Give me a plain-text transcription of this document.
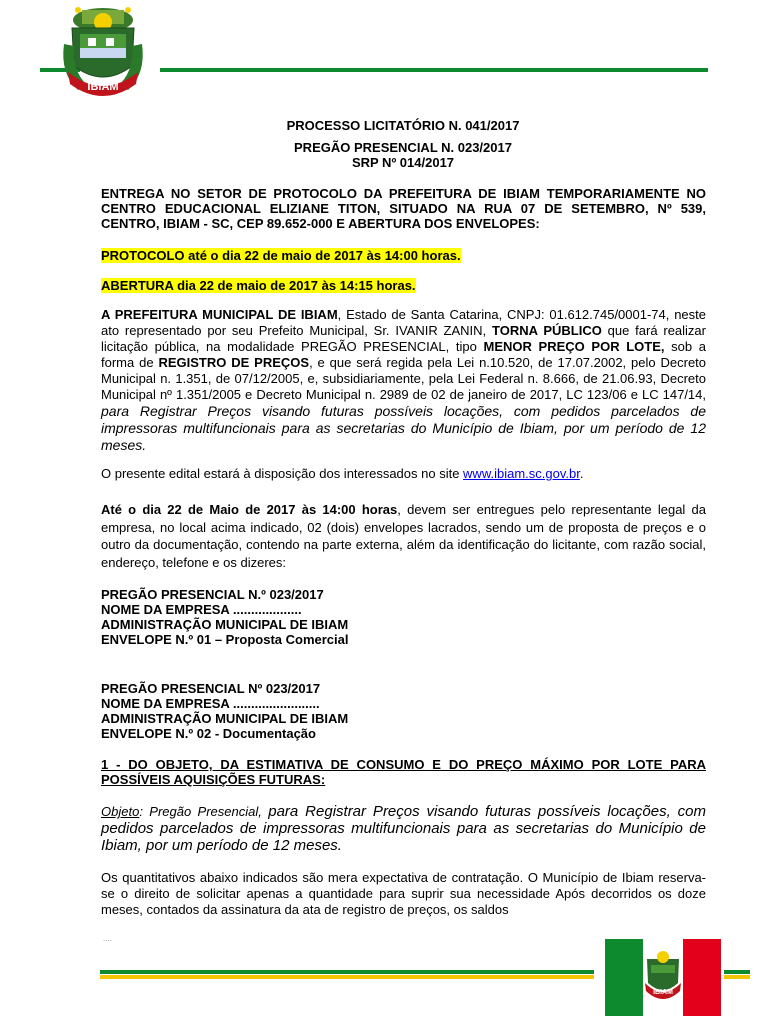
IBIAM
PROCESSO LICITATÓRIO N. 041/2017
PREGÃO PRESENCIAL N. 023/2017
SRP Nº 014/2017
ENTREGA NO SETOR DE PROTOCOLO DA PREFEITURA DE IBIAM TEMPORARIAMENTE NO CENTRO EDUCACIONAL ELIZIANE TITON, SITUADO NA RUA 07 DE SETEMBRO, Nº 539, CENTRO, IBIAM - SC, CEP 89.652-000 E ABERTURA DOS ENVELOPES:
PROTOCOLO até o dia 22 de maio de 2017 às 14:00 horas.
ABERTURA dia 22 de maio de 2017 às 14:15 horas.
A PREFEITURA MUNICIPAL DE IBIAM, Estado de Santa Catarina, CNPJ: 01.612.745/0001-74, neste ato representado por seu Prefeito Municipal, Sr. IVANIR ZANIN, TORNA PÚBLICO que fará realizar licitação pública, na modalidade PREGÃO PRESENCIAL, tipo MENOR PREÇO POR LOTE, sob a forma de REGISTRO DE PREÇOS, e que será regida pela Lei n.10.520, de 17.07.2002, pelo Decreto Municipal n. 1.351, de 07/12/2005, e, subsidiariamente, pela Lei Federal n. 8.666, de 21.06.93, Decreto Municipal nº 1.351/2005 e Decreto Municipal n. 2989 de 02 de janeiro de 2017, LC 123/06 e LC 147/14, para Registrar Preços visando futuras possíveis locações, com pedidos parcelados de impressoras multifuncionais para as secretarias do Município de Ibiam, por um período de 12 meses.
O presente edital estará à disposição dos interessados no site www.ibiam.sc.gov.br.
Até o dia 22 de Maio de 2017 às 14:00 horas, devem ser entregues pelo representante legal da empresa, no local acima indicado, 02 (dois) envelopes lacrados, sendo um de proposta de preços e o outro da documentação, contendo na parte externa, além da identificação do licitante, com razão social, endereço, telefone e os dizeres:
PREGÃO PRESENCIAL N.º 023/2017
NOME DA EMPRESA ...................
ADMINISTRAÇÃO MUNICIPAL DE IBIAM
ENVELOPE N.º 01 – Proposta Comercial
PREGÃO PRESENCIAL Nº 023/2017
NOME DA EMPRESA ........................
ADMINISTRAÇÃO MUNICIPAL DE IBIAM
ENVELOPE N.º 02 - Documentação
1 - DO OBJETO, DA ESTIMATIVA DE CONSUMO E DO PREÇO MÁXIMO POR LOTE PARA POSSÍVEIS AQUISIÇÕES FUTURAS:
Objeto: Pregão Presencial, para Registrar Preços visando futuras possíveis locações, com pedidos parcelados de impressoras multifuncionais para as secretarias do Município de Ibiam, por um período de 12 meses.
Os quantitativos abaixo indicados são mera expectativa de contratação. O Município de Ibiam reserva-se o direito de solicitar apenas a quantidade para suprir sua necessidade Após decorridos os doze meses, contados da assinatura da ata de registro de preços, os saldos
....
IBIAM
